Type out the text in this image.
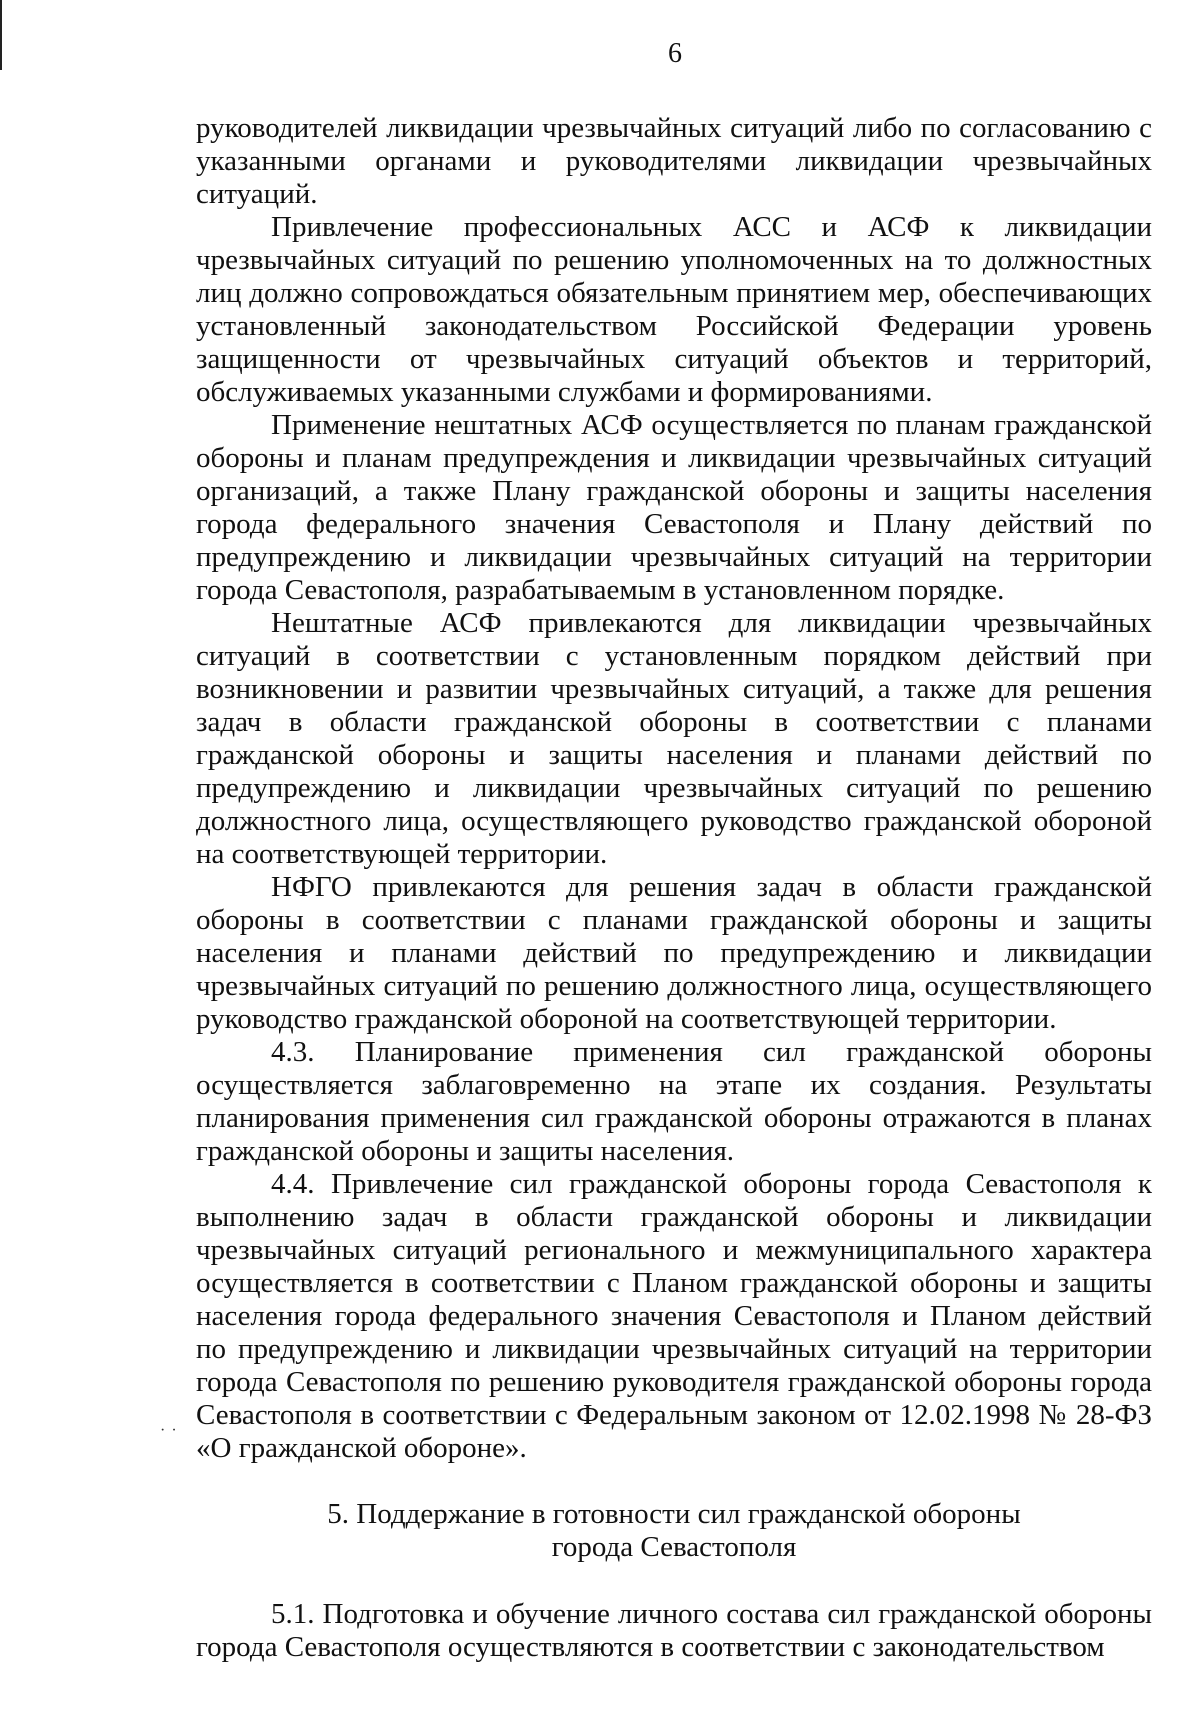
··
6

руководителей ликвидации чрезвычайных ситуаций либо по согласованию с указанными органами и руководителями ликвидации чрезвычайных ситуаций.

Привлечение профессиональных АСС и АСФ к ликвидации чрезвычайных ситуаций по решению уполномоченных на то должностных лиц должно сопровождаться обязательным принятием мер, обеспечивающих установленный законодательством Российской Федерации уровень защищенности от чрезвычайных ситуаций объектов и территорий, обслуживаемых указанными службами и формированиями.

Применение нештатных АСФ осуществляется по планам гражданской обороны и планам предупреждения и ликвидации чрезвычайных ситуаций организаций, а также Плану гражданской обороны и защиты населения города федерального значения Севастополя и Плану действий по предупреждению и ликвидации чрезвычайных ситуаций на территории города Севастополя, разрабатываемым в установленном порядке.

Нештатные АСФ привлекаются для ликвидации чрезвычайных ситуаций в соответствии с установленным порядком действий при возникновении и развитии чрезвычайных ситуаций, а также для решения задач в области гражданской обороны в соответствии с планами гражданской обороны и защиты населения и планами действий по предупреждению и ликвидации чрезвычайных ситуаций по решению должностного лица, осуществляющего руководство гражданской обороной на соответствующей территории.

НФГО привлекаются для решения задач в области гражданской обороны в соответствии с планами гражданской обороны и защиты населения и планами действий по предупреждению и ликвидации чрезвычайных ситуаций по решению должностного лица, осуществляющего руководство гражданской обороной на соответствующей территории.

4.3. Планирование применения сил гражданской обороны осуществляется заблаговременно на этапе их создания. Результаты планирования применения сил гражданской обороны отражаются в планах гражданской обороны и защиты населения.

4.4. Привлечение сил гражданской обороны города Севастополя к выполнению задач в области гражданской обороны и ликвидации чрезвычайных ситуаций регионального и межмуниципального характера осуществляется в соответствии с Планом гражданской обороны и защиты населения города федерального значения Севастополя и Планом действий по предупреждению и ликвидации чрезвычайных ситуаций на территории города Севастополя по решению руководителя гражданской обороны города Севастополя в соответствии с Федеральным законом от 12.02.1998 № 28-ФЗ «О гражданской обороне».

5. Поддержание в готовности сил гражданской обороны
города Севастополя

5.1. Подготовка и обучение личного состава сил гражданской обороны города Севастополя осуществляются в соответствии с законодательством
